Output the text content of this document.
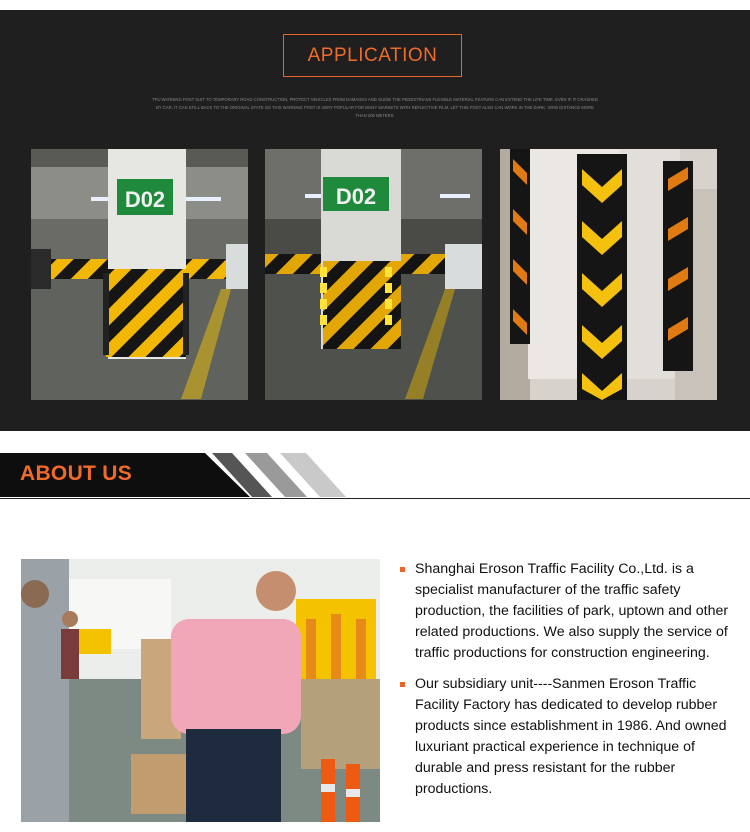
APPLICATION
TPU WARNING POST SUIT TO TEMPORARY ROAD CONSTRUCTION, PROTECT VEHICLES FROM DAMAGES AND GUIDE THE PEDESTRIANS FLEXIBLE MATERIAL FEATURE CAN EXTEND THE LIFE TIME. EVEN IF IT CRASHED BY CAR, IT CAN STILL BACK TO THE ORIGINAL STATE SO THIS WARNING POST IS VERY POPULAR FOR MANY MARKETS WITH REFLECTIVE FILM, LET THIS POST ALSO CAN WORK IN THE DARK. VIEW DISTANCE MORE THAN 200 METERS.
D02	D02
ABOUT US
Shanghai Eroson Traffic Facility Co.,Ltd. is a specialist manufacturer of the traffic safety production, the facilities of park, uptown and other related productions. We also supply the service of traffic productions for construction engineering.
Our subsidiary unit----Sanmen Eroson Traffic Facility Factory has dedicated to develop rubber products since establishment in 1986. And owned luxuriant practical experience in technique of durable and press resistant for the rubber productions.
